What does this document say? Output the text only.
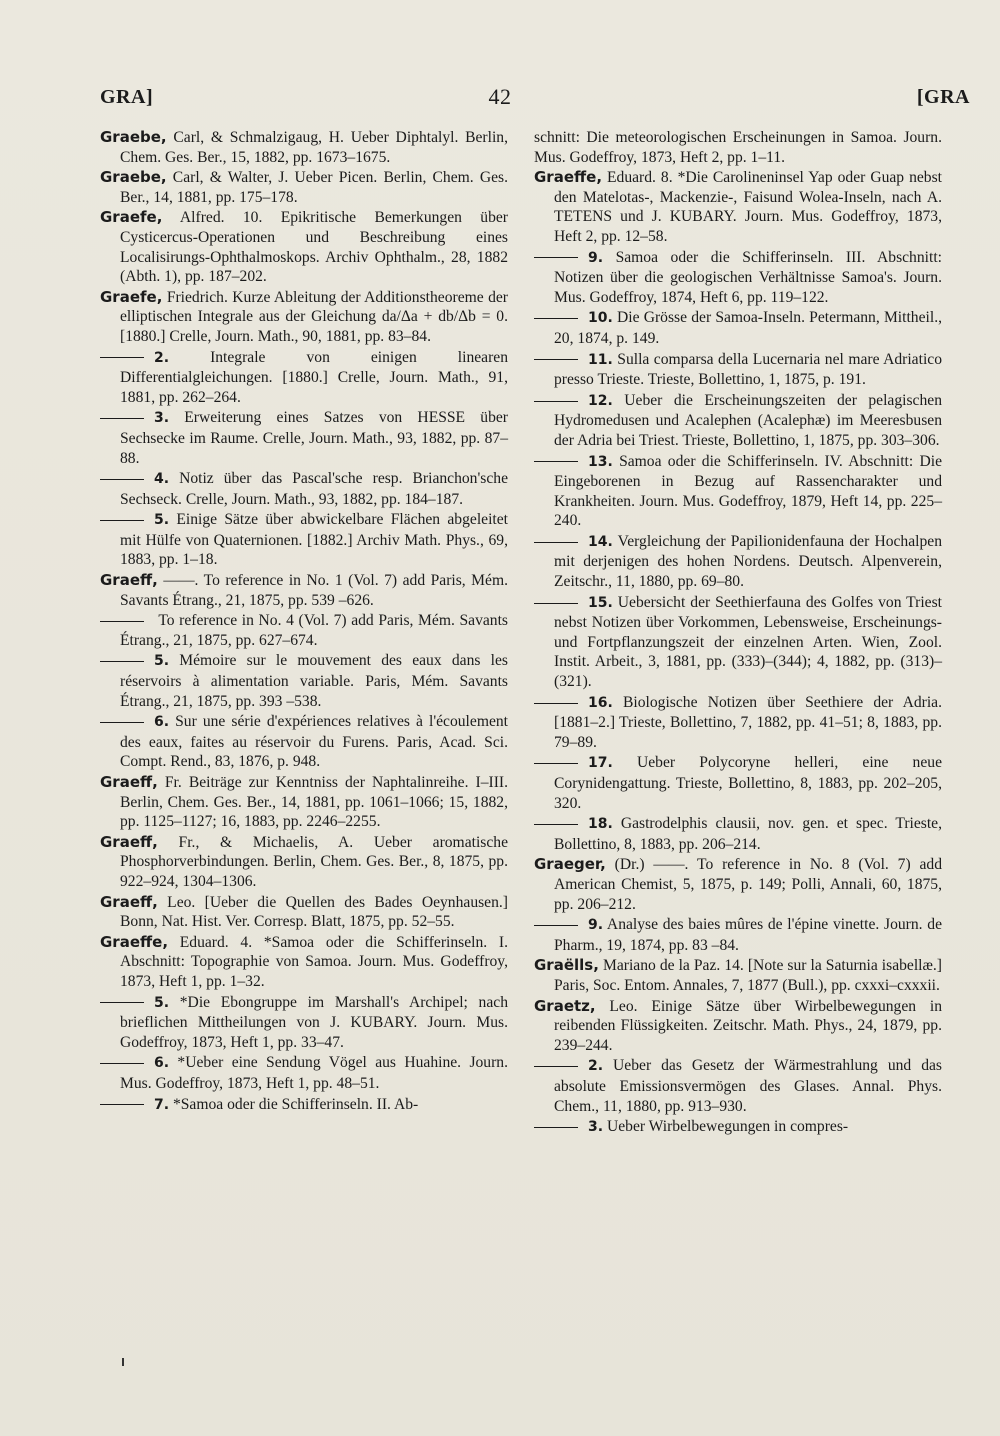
GRA]	42	[GRA

Graebe, Carl, & Schmalzigaug, H. Ueber Diphtalyl. Berlin, Chem. Ges. Ber., 15, 1882, pp. 1673–1675.

Graebe, Carl, & Walter, J. Ueber Picen. Berlin, Chem. Ges. Ber., 14, 1881, pp. 175–178.

Graefe, Alfred. 10. Epikritische Bemerkungen über Cysticercus-Operationen und Beschreibung eines Localisirungs-Ophthalmoskops. Archiv Ophthalm., 28, 1882 (Abth. 1), pp. 187–202.

Graefe, Friedrich. Kurze Ableitung der Additionstheoreme der elliptischen Integrale aus der Gleichung da/Δa + db/Δb = 0. [1880.] Crelle, Journ. Math., 90, 1881, pp. 83–84.

2. Integrale von einigen linearen Differentialgleichungen. [1880.] Crelle, Journ. Math., 91, 1881, pp. 262–264.

3. Erweiterung eines Satzes von HESSE über Sechsecke im Raume. Crelle, Journ. Math., 93, 1882, pp. 87–88.

4. Notiz über das Pascal'sche resp. Brianchon'sche Sechseck. Crelle, Journ. Math., 93, 1882, pp. 184–187.

5. Einige Sätze über abwickelbare Flächen abgeleitet mit Hülfe von Quaternionen. [1882.] Archiv Math. Phys., 69, 1883, pp. 1–18.

Graeff, ——. To reference in No. 1 (Vol. 7) add Paris, Mém. Savants Étrang., 21, 1875, pp. 539 –626.

To reference in No. 4 (Vol. 7) add Paris, Mém. Savants Étrang., 21, 1875, pp. 627–674.

5. Mémoire sur le mouvement des eaux dans les réservoirs à alimentation variable. Paris, Mém. Savants Étrang., 21, 1875, pp. 393 –538.

6. Sur une série d'expériences relatives à l'écoulement des eaux, faites au réservoir du Furens. Paris, Acad. Sci. Compt. Rend., 83, 1876, p. 948.

Graeff, Fr. Beiträge zur Kenntniss der Naphtalinreihe. I–III. Berlin, Chem. Ges. Ber., 14, 1881, pp. 1061–1066; 15, 1882, pp. 1125–1127; 16, 1883, pp. 2246–2255.

Graeff, Fr., & Michaelis, A. Ueber aromatische Phosphorverbindungen. Berlin, Chem. Ges. Ber., 8, 1875, pp. 922–924, 1304–1306.

Graeff, Leo. [Ueber die Quellen des Bades Oeynhausen.] Bonn, Nat. Hist. Ver. Corresp. Blatt, 1875, pp. 52–55.

Graeffe, Eduard. 4. *Samoa oder die Schifferinseln. I. Abschnitt: Topographie von Samoa. Journ. Mus. Godeffroy, 1873, Heft 1, pp. 1–32.

5. *Die Ebongruppe im Marshall's Archipel; nach brieflichen Mittheilungen von J. KUBARY. Journ. Mus. Godeffroy, 1873, Heft 1, pp. 33–47.

6. *Ueber eine Sendung Vögel aus Huahine. Journ. Mus. Godeffroy, 1873, Heft 1, pp. 48–51.

7. *Samoa oder die Schifferinseln. II. Ab-

schnitt: Die meteorologischen Erscheinungen in Samoa. Journ. Mus. Godeffroy, 1873, Heft 2, pp. 1–11.

Graeffe, Eduard. 8. *Die Carolineninsel Yap oder Guap nebst den Matelotas-, Mackenzie-, Faisund Wolea-Inseln, nach A. TETENS und J. KUBARY. Journ. Mus. Godeffroy, 1873, Heft 2, pp. 12–58.

9. Samoa oder die Schifferinseln. III. Abschnitt: Notizen über die geologischen Verhältnisse Samoa's. Journ. Mus. Godeffroy, 1874, Heft 6, pp. 119–122.

10. Die Grösse der Samoa-Inseln. Petermann, Mittheil., 20, 1874, p. 149.

11. Sulla comparsa della Lucernaria nel mare Adriatico presso Trieste. Trieste, Bollettino, 1, 1875, p. 191.

12. Ueber die Erscheinungszeiten der pelagischen Hydromedusen und Acalephen (Acalephæ) im Meeresbusen der Adria bei Triest. Trieste, Bollettino, 1, 1875, pp. 303–306.

13. Samoa oder die Schifferinseln. IV. Abschnitt: Die Eingeborenen in Bezug auf Rassencharakter und Krankheiten. Journ. Mus. Godeffroy, 1879, Heft 14, pp. 225–240.

14. Vergleichung der Papilionidenfauna der Hochalpen mit derjenigen des hohen Nordens. Deutsch. Alpenverein, Zeitschr., 11, 1880, pp. 69–80.

15. Uebersicht der Seethierfauna des Golfes von Triest nebst Notizen über Vorkommen, Lebensweise, Erscheinungs- und Fortpflanzungszeit der einzelnen Arten. Wien, Zool. Instit. Arbeit., 3, 1881, pp. (333)–(344); 4, 1882, pp. (313)–(321).

16. Biologische Notizen über Seethiere der Adria. [1881–2.] Trieste, Bollettino, 7, 1882, pp. 41–51; 8, 1883, pp. 79–89.

17. Ueber Polycoryne helleri, eine neue Corynidengattung. Trieste, Bollettino, 8, 1883, pp. 202–205, 320.

18. Gastrodelphis clausii, nov. gen. et spec. Trieste, Bollettino, 8, 1883, pp. 206–214.

Graeger, (Dr.) ——. To reference in No. 8 (Vol. 7) add American Chemist, 5, 1875, p. 149; Polli, Annali, 60, 1875, pp. 206–212.

9. Analyse des baies mûres de l'épine vinette. Journ. de Pharm., 19, 1874, pp. 83 –84.

Graëlls, Mariano de la Paz. 14. [Note sur la Saturnia isabellæ.] Paris, Soc. Entom. Annales, 7, 1877 (Bull.), pp. cxxxi–cxxxii.

Graetz, Leo. Einige Sätze über Wirbelbewegungen in reibenden Flüssigkeiten. Zeitschr. Math. Phys., 24, 1879, pp. 239–244.

2. Ueber das Gesetz der Wärmestrahlung und das absolute Emissionsvermögen des Glases. Annal. Phys. Chem., 11, 1880, pp. 913–930.

3. Ueber Wirbelbewegungen in compres-
